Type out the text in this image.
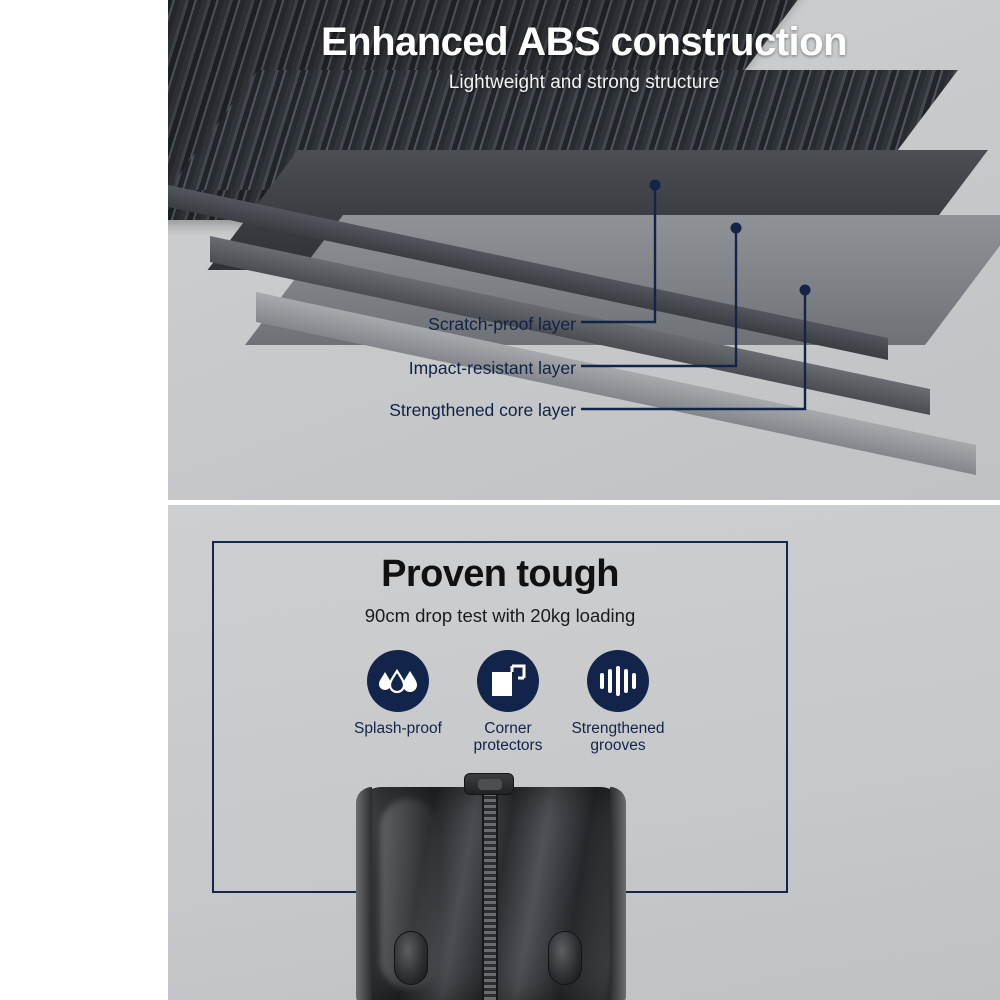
Enhanced ABS construction

Lightweight and strong structure

Scratch-proof layer
Impact-resistant layer
Strengthened core layer
Proven tough

90cm drop test with 20kg loading

Splash-proof	Corner protectors
Strengthened grooves
